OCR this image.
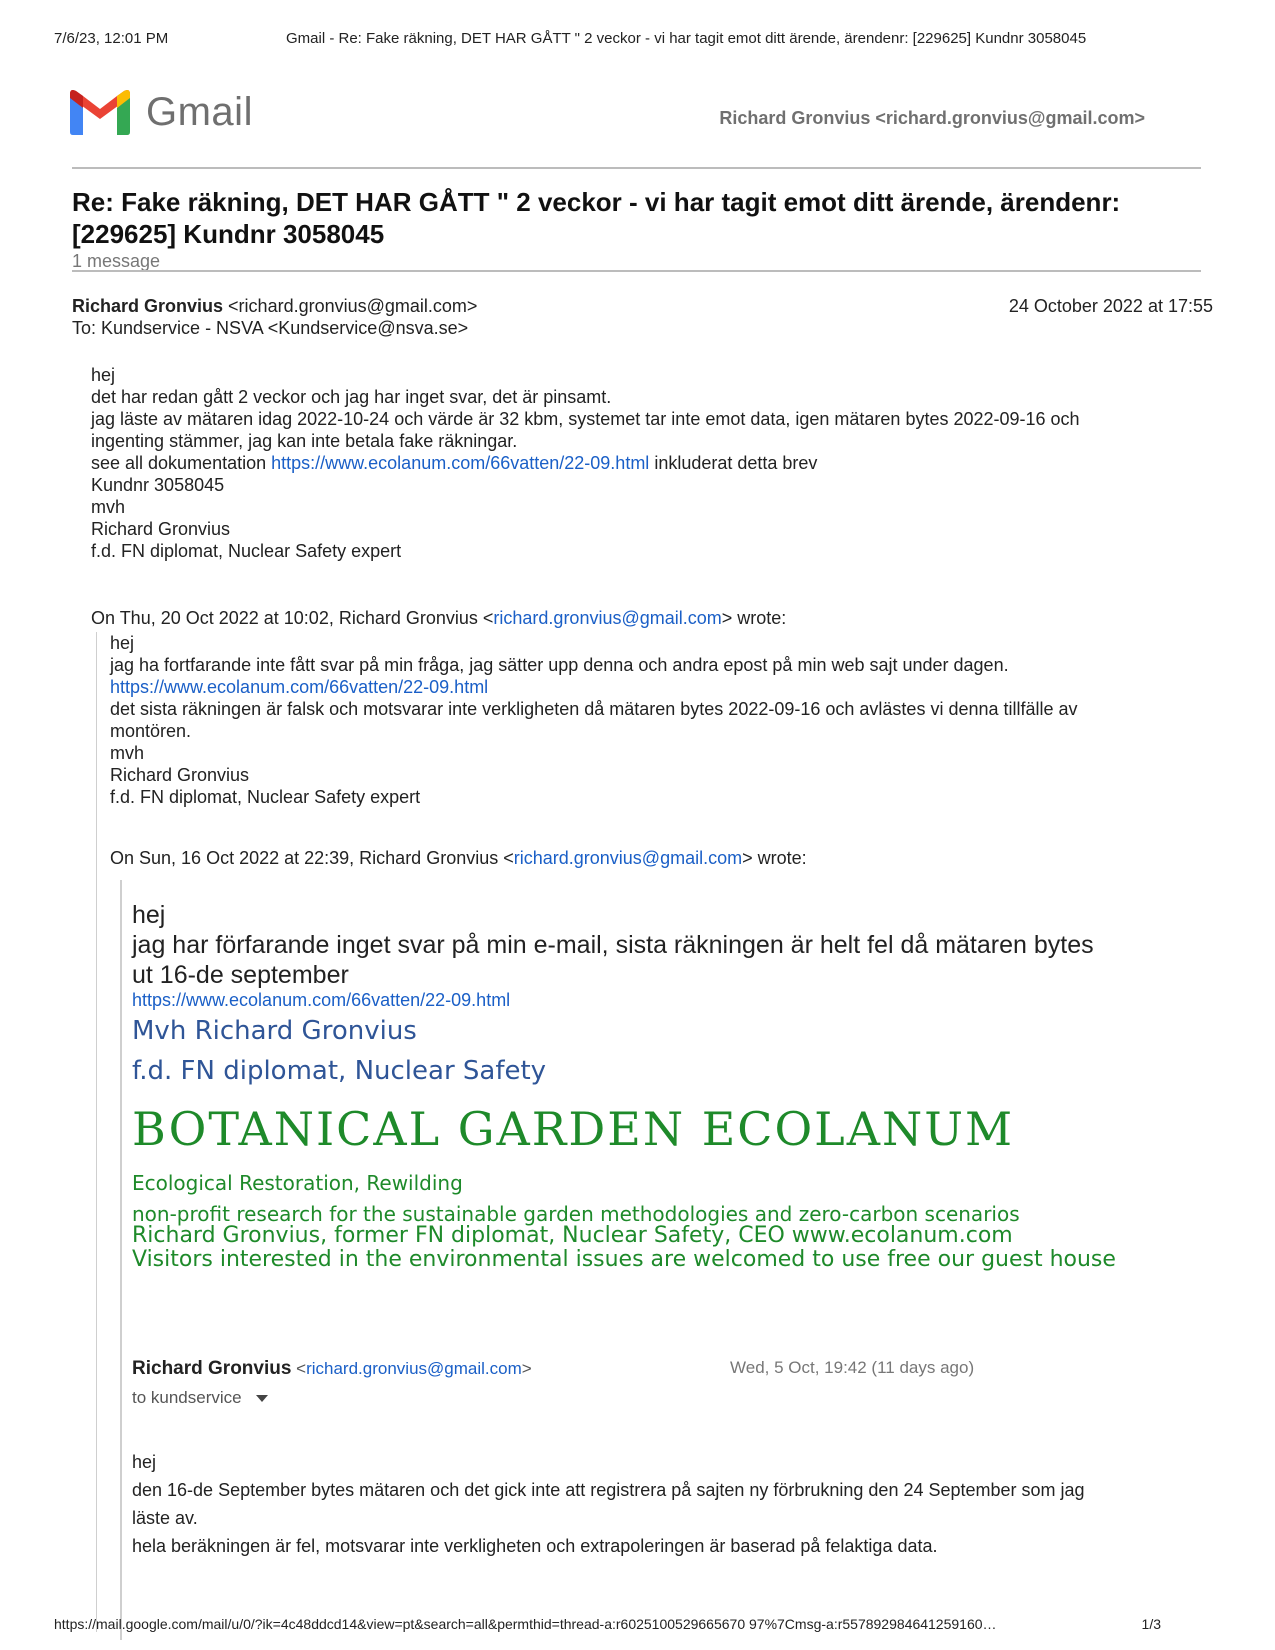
7/6/23, 12:01 PM	Gmail - Re: Fake räkning, DET HAR GÅTT " 2 veckor - vi har tagit emot ditt ärende, ärendenr: [229625] Kundnr 3058045
Gmail	Richard Gronvius <richard.gronvius@gmail.com>
Re: Fake räkning, DET HAR GÅTT " 2 veckor - vi har tagit emot ditt ärende, ärendenr: [229625] Kundnr 3058045
1 message
Richard Gronvius <richard.gronvius@gmail.com>
To: Kundservice - NSVA <Kundservice@nsva.se>
24 October 2022 at 17:55
hej
det har redan gått 2 veckor och jag har inget svar, det är pinsamt.
jag läste av mätaren idag 2022-10-24 och värde är 32 kbm, systemet tar inte emot data, igen mätaren bytes 2022-09-16 och
ingenting stämmer, jag kan inte betala fake räkningar.
see all dokumentation https://www.ecolanum.com/66vatten/22-09.html inkluderat detta brev
Kundnr 3058045
mvh
Richard Gronvius
f.d. FN diplomat, Nuclear Safety expert
On Thu, 20 Oct 2022 at 10:02, Richard Gronvius <richard.gronvius@gmail.com> wrote:
hej
jag ha fortfarande inte fått svar på min fråga, jag sätter upp denna och andra epost på min web sajt under dagen.
https://www.ecolanum.com/66vatten/22-09.html
det sista räkningen är falsk och motsvarar inte verkligheten då mätaren bytes 2022-09-16 och avlästes vi denna tillfälle av
montören.
mvh
Richard Gronvius
f.d. FN diplomat, Nuclear Safety expert
On Sun, 16 Oct 2022 at 22:39, Richard Gronvius <richard.gronvius@gmail.com> wrote:
hej
jag har förfarande inget svar på min e-mail, sista räkningen är helt fel då mätaren bytes
ut 16-de september
https://www.ecolanum.com/66vatten/22-09.html
Mvh Richard Gronvius
f.d. FN diplomat, Nuclear Safety
BOTANICAL GARDEN ECOLANUM
Ecological Restoration, Rewilding
non-profit research for the sustainable garden methodologies and zero-carbon scenarios
Richard Gronvius, former FN diplomat, Nuclear Safety, CEO www.ecolanum.com
Visitors interested in the environmental issues are welcomed to use free our guest house
Richard Gronvius <richard.gronvius@gmail.com>	Wed, 5 Oct, 19:42 (11 days ago)
to kundservice
hej
den 16-de September bytes mätaren och det gick inte att registrera på sajten ny förbrukning den 24 September som jag
läste av.
hela beräkningen är fel, motsvarar inte verkligheten och extrapoleringen är baserad på felaktiga data.
https://mail.google.com/mail/u/0/?ik=4c48ddcd14&view=pt&search=all&permthid=thread-a:r6025100529665670 97%7Cmsg-a:r557892984641259160…	1/3
